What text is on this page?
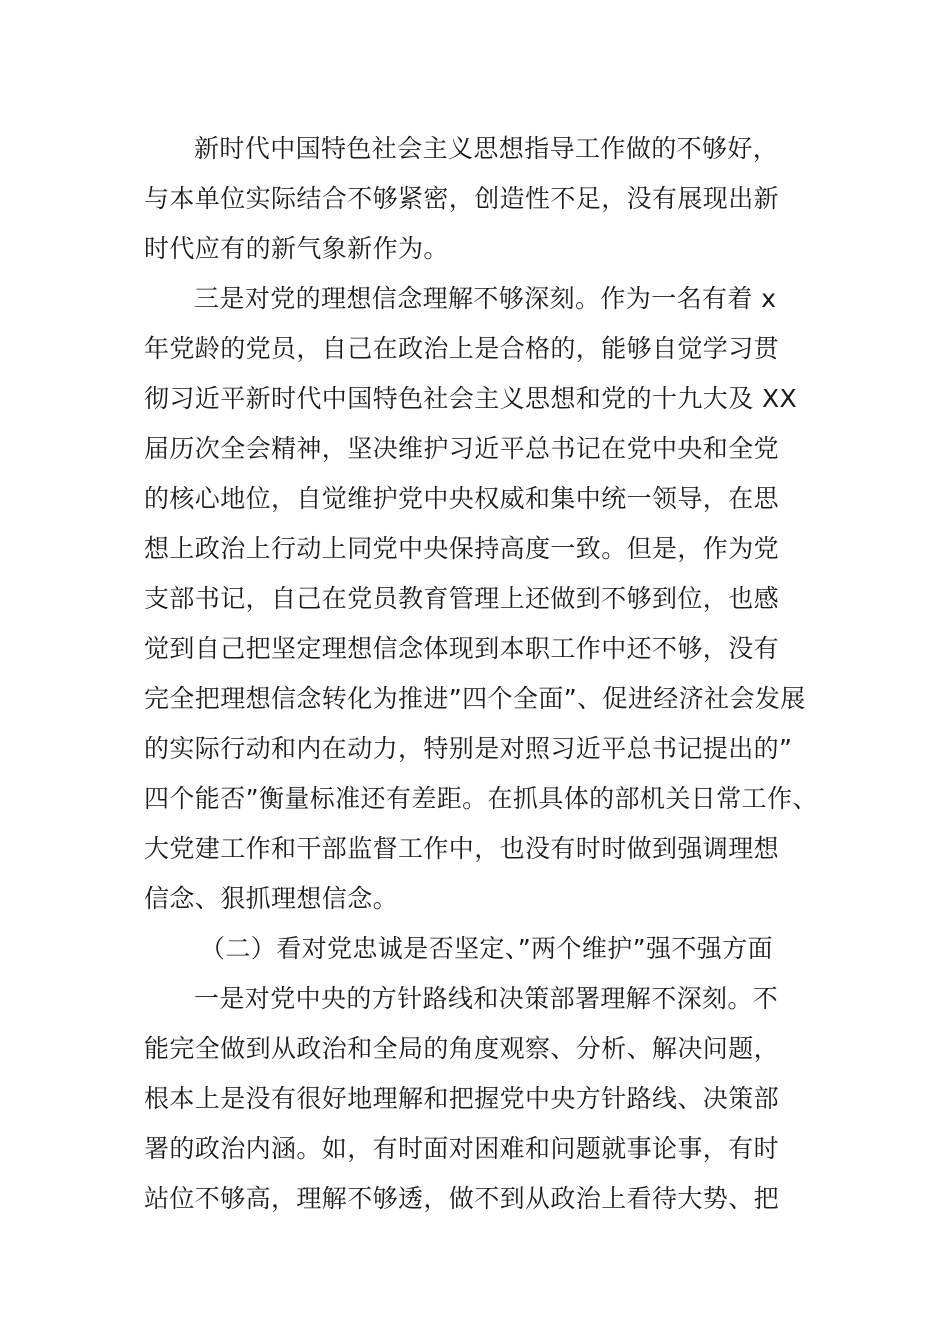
新时代中国特色社会主义思想指导工作做的不够好，
与本单位实际结合不够紧密，创造性不足，没有展现出新
时代应有的新气象新作为。
三是对党的理想信念理解不够深刻。作为一名有着 x
年党龄的党员，自己在政治上是合格的，能够自觉学习贯
彻习近平新时代中国特色社会主义思想和党的十九大及 XX
届历次全会精神，坚决维护习近平总书记在党中央和全党
的核心地位，自觉维护党中央权威和集中统一领导，在思
想上政治上行动上同党中央保持高度一致。但是，作为党
支部书记，自己在党员教育管理上还做到不够到位，也感
觉到自己把坚定理想信念体现到本职工作中还不够，没有
完全把理想信念转化为推进”四个全面”、促进经济社会发展
的实际行动和内在动力，特别是对照习近平总书记提出的”
四个能否”衡量标准还有差距。在抓具体的部机关日常工作、
大党建工作和干部监督工作中，也没有时时做到强调理想
信念、狠抓理想信念。
（二）看对党忠诚是否坚定、”两个维护”强不强方面
一是对党中央的方针路线和决策部署理解不深刻。不
能完全做到从政治和全局的角度观察、分析、解决问题，
根本上是没有很好地理解和把握党中央方针路线、决策部
署的政治内涵。如，有时面对困难和问题就事论事，有时
站位不够高，理解不够透，做不到从政治上看待大势、把
